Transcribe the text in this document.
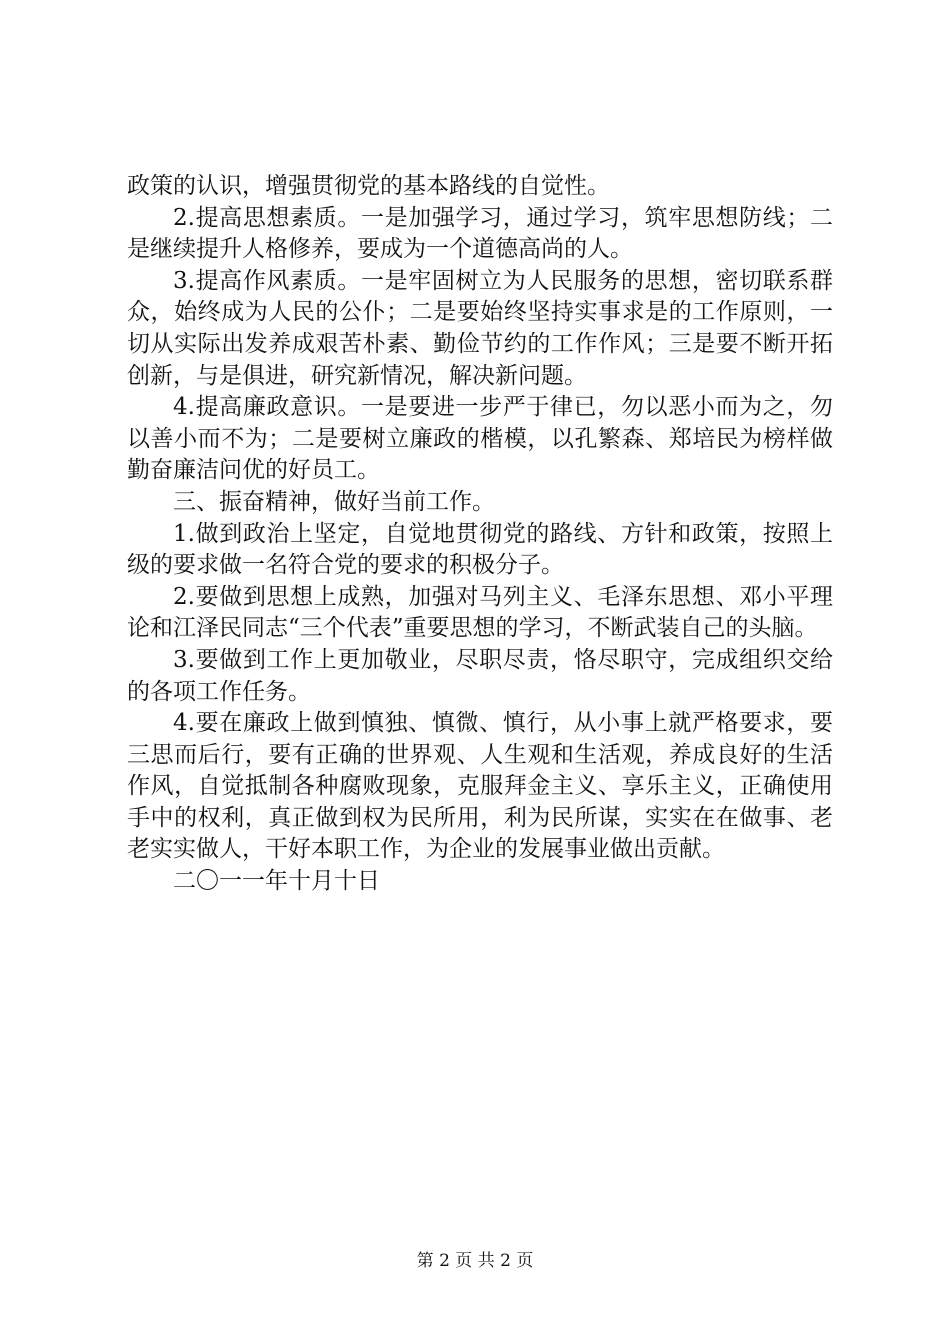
政策的认识，增强贯彻党的基本路线的自觉性。

2.提高思想素质。一是加强学习，通过学习，筑牢思想防线；二是继续提升人格修养，要成为一个道德高尚的人。

3.提高作风素质。一是牢固树立为人民服务的思想，密切联系群众，始终成为人民的公仆；二是要始终坚持实事求是的工作原则，一切从实际出发养成艰苦朴素、勤俭节约的工作作风；三是要不断开拓创新，与是俱进，研究新情况，解决新问题。

4.提高廉政意识。一是要进一步严于律已，勿以恶小而为之，勿以善小而不为；二是要树立廉政的楷模，以孔繁森、郑培民为榜样做勤奋廉洁问优的好员工。

三、振奋精神，做好当前工作。

1.做到政治上坚定，自觉地贯彻党的路线、方针和政策，按照上级的要求做一名符合党的要求的积极分子。

2.要做到思想上成熟，加强对马列主义、毛泽东思想、邓小平理论和江泽民同志“三个代表”重要思想的学习，不断武装自己的头脑。

3.要做到工作上更加敬业，尽职尽责，恪尽职守，完成组织交给的各项工作任务。

4.要在廉政上做到慎独、慎微、慎行，从小事上就严格要求，要三思而后行，要有正确的世界观、人生观和生活观，养成良好的生活作风，自觉抵制各种腐败现象，克服拜金主义、享乐主义，正确使用手中的权利，真正做到权为民所用，利为民所谋，实实在在做事、老老实实做人，干好本职工作，为企业的发展事业做出贡献。

二〇一一年十月十日

第 2 页 共 2 页
